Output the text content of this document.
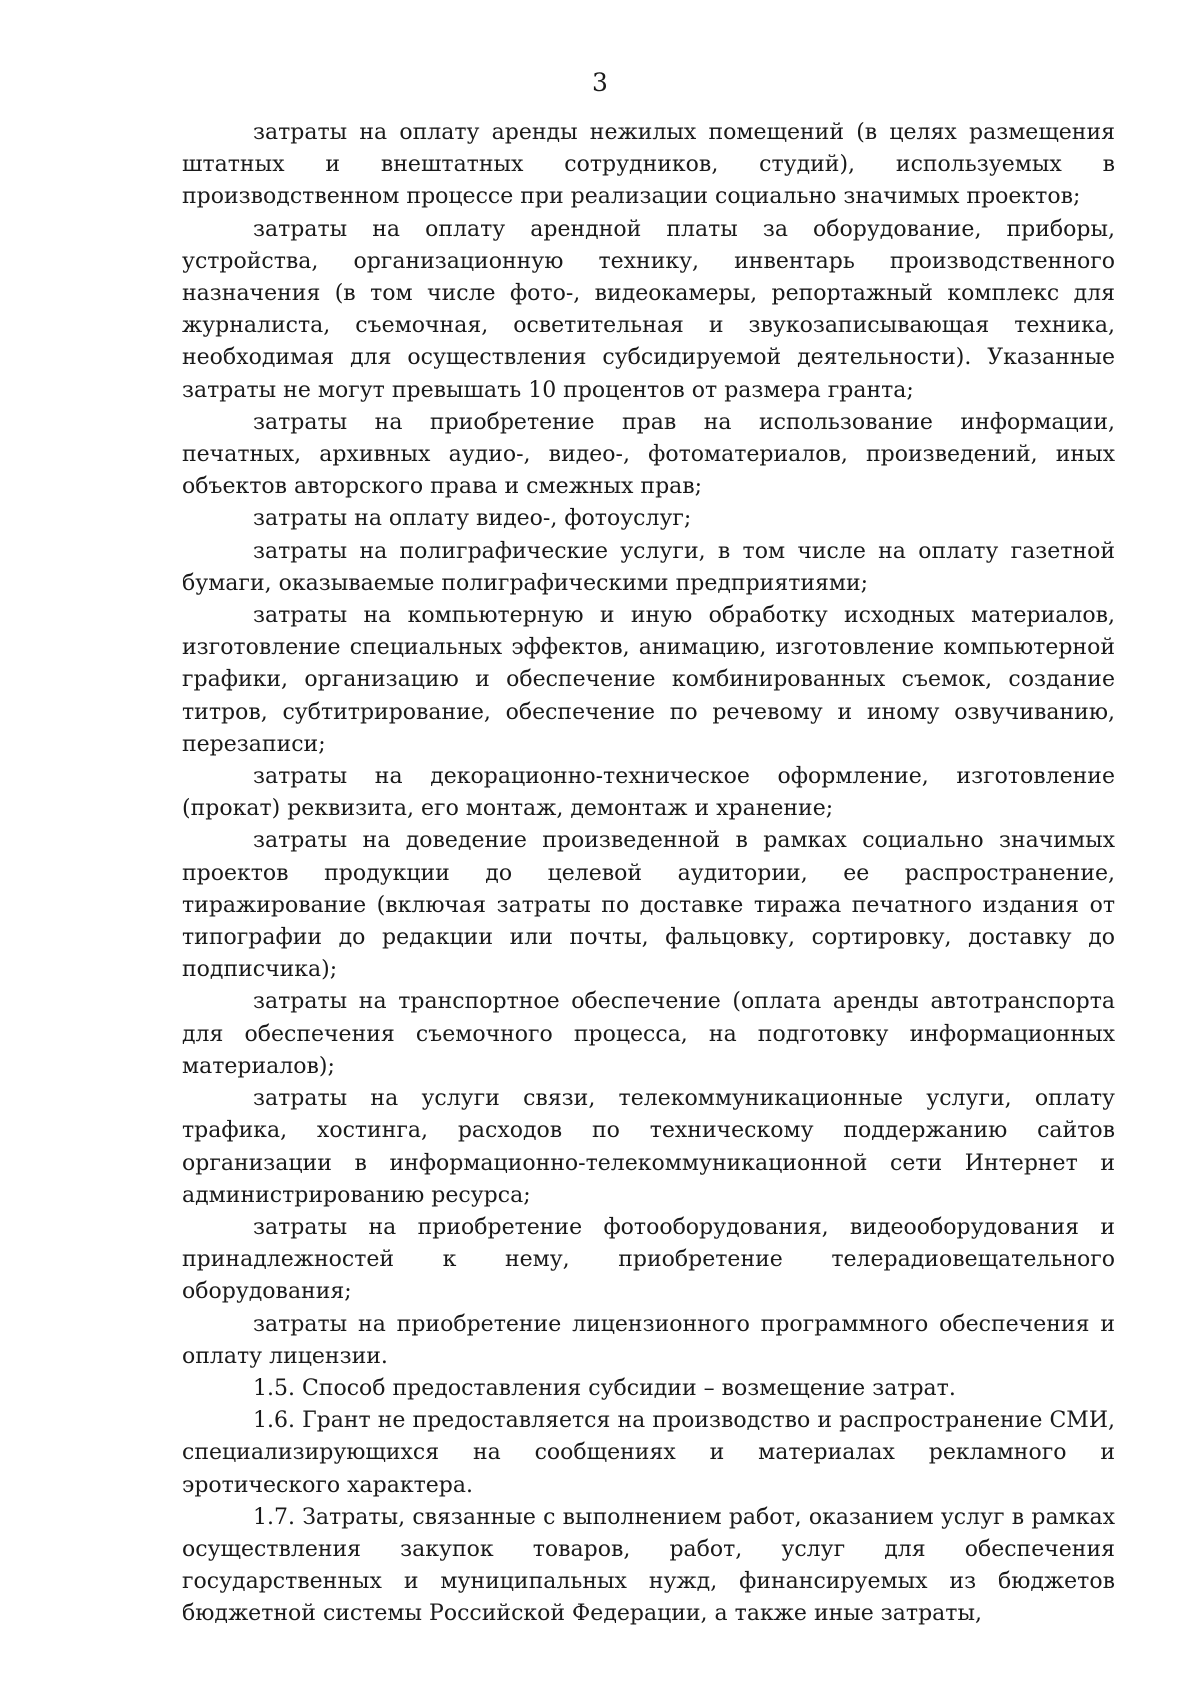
3

затраты на оплату аренды нежилых помещений (в целях размещения штатных и внештатных сотрудников, студий), используемых в производственном процессе при реализации социально значимых проектов;

затраты на оплату арендной платы за оборудование, приборы, устройства, организационную технику, инвентарь производственного назначения (в том числе фото-, видеокамеры, репортажный комплекс для журналиста, съемочная, осветительная и звукозаписывающая техника, необходимая для осуществления субсидируемой деятельности). Указанные затраты не могут превышать 10 процентов от размера гранта;

затраты на приобретение прав на использование информации, печатных, архивных аудио-, видео-, фотоматериалов, произведений, иных объектов авторского права и смежных прав;

затраты на оплату видео-, фотоуслуг;

затраты на полиграфические услуги, в том числе на оплату газетной бумаги, оказываемые полиграфическими предприятиями;

затраты на компьютерную и иную обработку исходных материалов, изготовление специальных эффектов, анимацию, изготовление компьютерной графики, организацию и обеспечение комбинированных съемок, создание титров, субтитрирование, обеспечение по речевому и иному озвучиванию, перезаписи;

затраты на декорационно-техническое оформление, изготовление (прокат) реквизита, его монтаж, демонтаж и хранение;

затраты на доведение произведенной в рамках социально значимых проектов продукции до целевой аудитории, ее распространение, тиражирование (включая затраты по доставке тиража печатного издания от типографии до редакции или почты, фальцовку, сортировку, доставку до подписчика);

затраты на транспортное обеспечение (оплата аренды автотранспорта для обеспечения съемочного процесса, на подготовку информационных материалов);

затраты на услуги связи, телекоммуникационные услуги, оплату трафика, хостинга, расходов по техническому поддержанию сайтов организации в информационно-телекоммуникационной сети Интернет и администрированию ресурса;

затраты на приобретение фотооборудования, видеооборудования и принадлежностей к нему, приобретение телерадиовещательного оборудования;

затраты на приобретение лицензионного программного обеспечения и оплату лицензии.

1.5. Способ предоставления субсидии – возмещение затрат.

1.6. Грант не предоставляется на производство и распространение СМИ, специализирующихся на сообщениях и материалах рекламного и эротического характера.

1.7. Затраты, связанные с выполнением работ, оказанием услуг в рамках осуществления закупок товаров, работ, услуг для обеспечения государственных и муниципальных нужд, финансируемых из бюджетов бюджетной системы Российской Федерации, а также иные затраты,
